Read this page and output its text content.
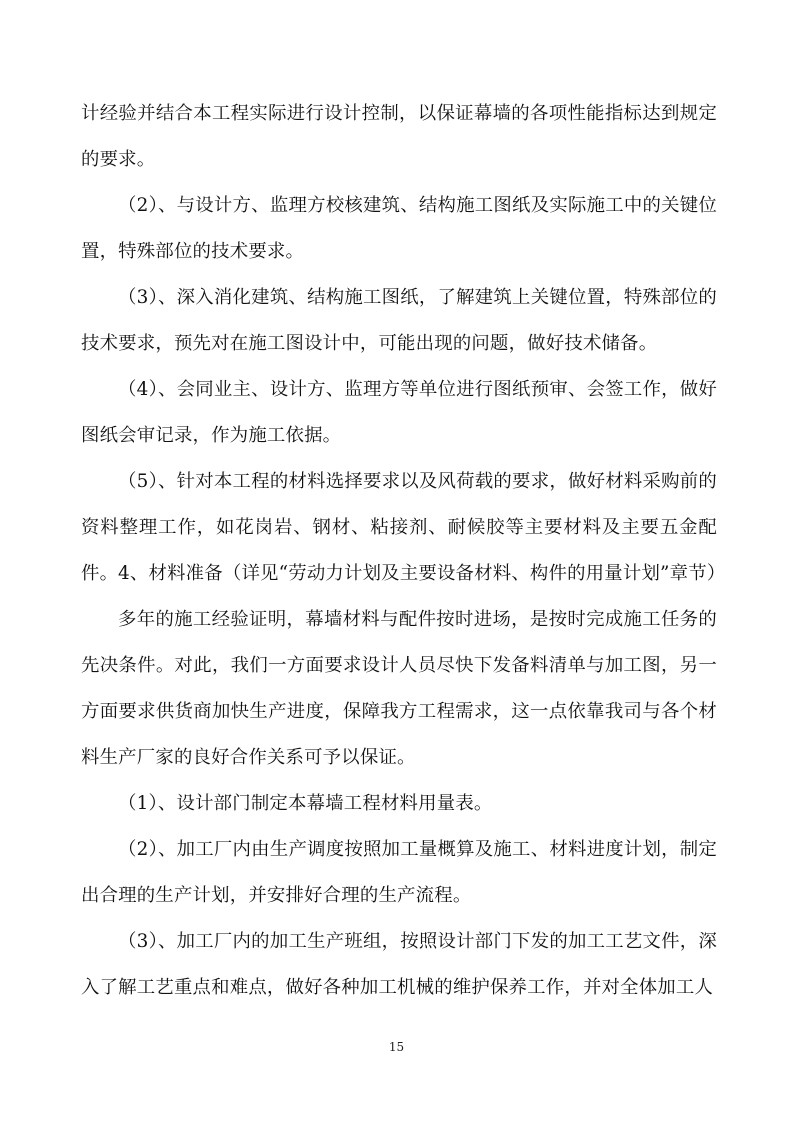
计经验并结合本工程实际进行设计控制，以保证幕墙的各项性能指标达到规定的要求。

（2）、与设计方、监理方校核建筑、结构施工图纸及实际施工中的关键位置，特殊部位的技术要求。

（3）、深入消化建筑、结构施工图纸，了解建筑上关键位置，特殊部位的技术要求，预先对在施工图设计中，可能出现的问题，做好技术储备。

（4）、会同业主、设计方、监理方等单位进行图纸预审、会签工作，做好图纸会审记录，作为施工依据。

（5）、针对本工程的材料选择要求以及风荷载的要求，做好材料采购前的资料整理工作，如花岗岩、钢材、粘接剂、耐候胶等主要材料及主要五金配件。 4、材料准备（详见“劳动力计划及主要设备材料、构件的用量计划”章节）

多年的施工经验证明，幕墙材料与配件按时进场，是按时完成施工任务的先决条件。对此，我们一方面要求设计人员尽快下发备料清单与加工图，另一方面要求供货商加快生产进度，保障我方工程需求，这一点依靠我司与各个材料生产厂家的良好合作关系可予以保证。

（1）、设计部门制定本幕墙工程材料用量表。

（2）、加工厂内由生产调度按照加工量概算及施工、材料进度计划，制定出合理的生产计划，并安排好合理的生产流程。

（3）、加工厂内的加工生产班组，按照设计部门下发的加工工艺文件，深入了解工艺重点和难点，做好各种加工机械的维护保养工作，并对全体加工人

15
